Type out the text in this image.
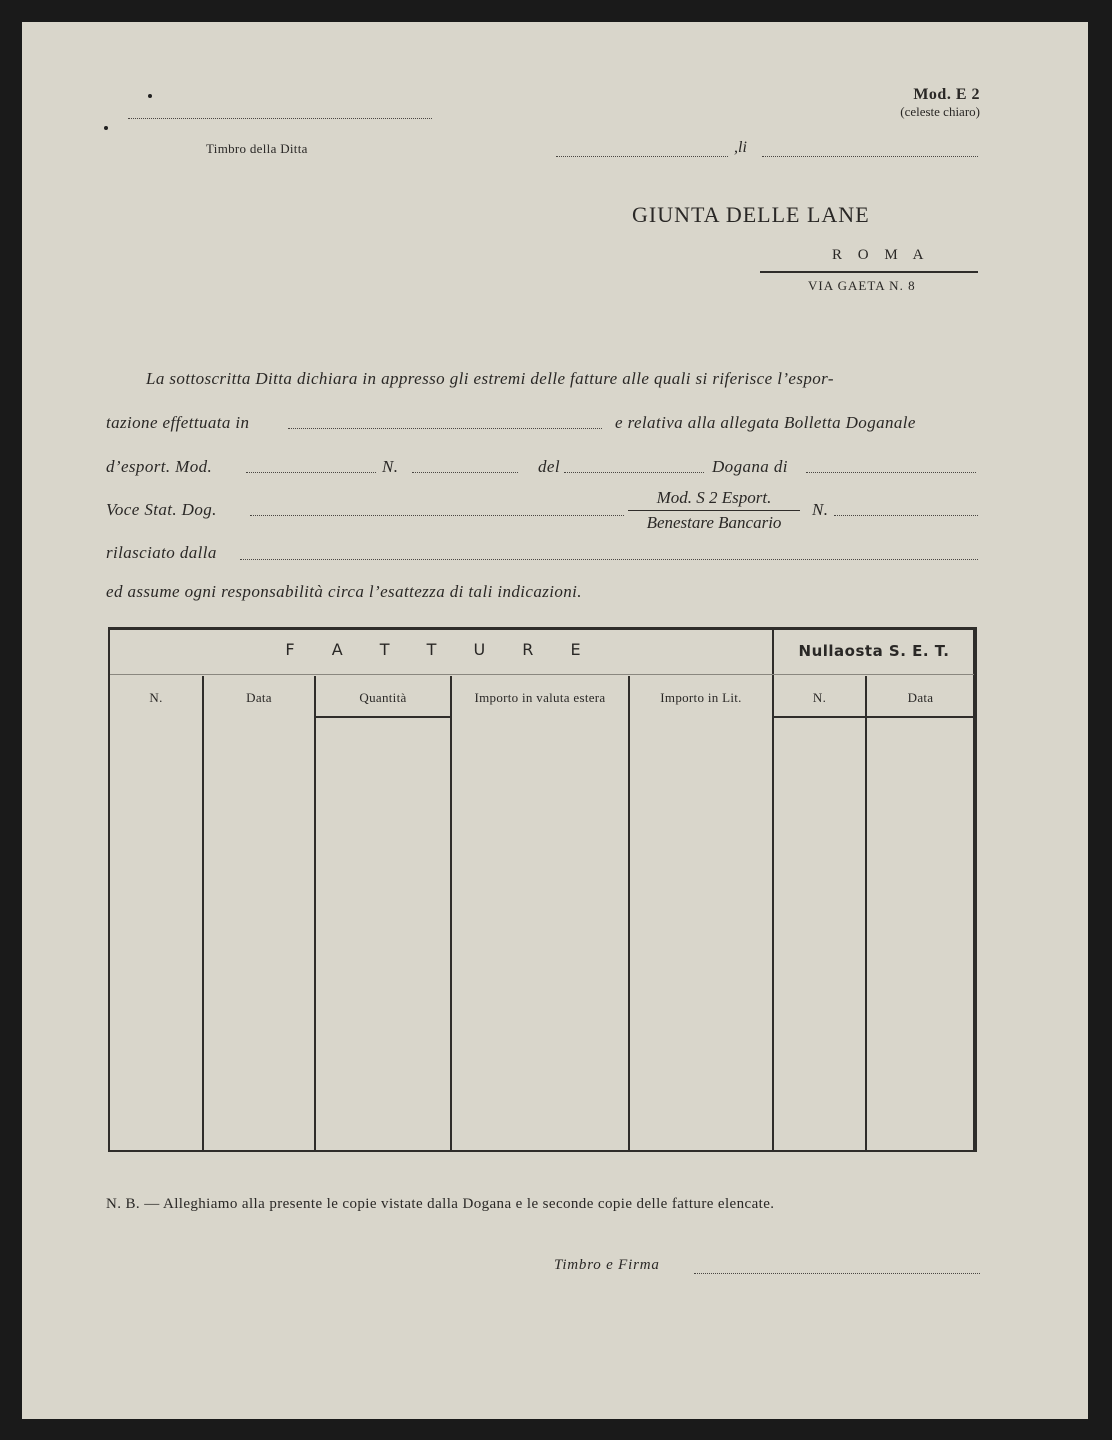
Timbro della Ditta
Mod. E 2
(celeste chiaro)
,li
GIUNTA DELLE LANE
R O M A
VIA GAETA N. 8
La sottoscritta Ditta dichiara in appresso gli estremi delle fatture alle quali si riferisce l’espor-
tazione effettuata in	e relativa alla allegata Bolletta Doganale
d’esport. Mod.	N.	del	Dogana di
Voce Stat. Dog.
Mod. S 2 Esport.
Benestare Bancario
N.
rilasciato dalla
ed assume ogni responsabilità circa l’esattezza di tali indicazioni.
F A T T U R E	Nullaosta S. E. T.
N.	Data	Quantità	Importo in valuta estera	Importo in Lit.	N.	Data
N. B. — Alleghiamo alla presente le copie vistate dalla Dogana e le seconde copie delle fatture elencate.
Timbro e Firma
